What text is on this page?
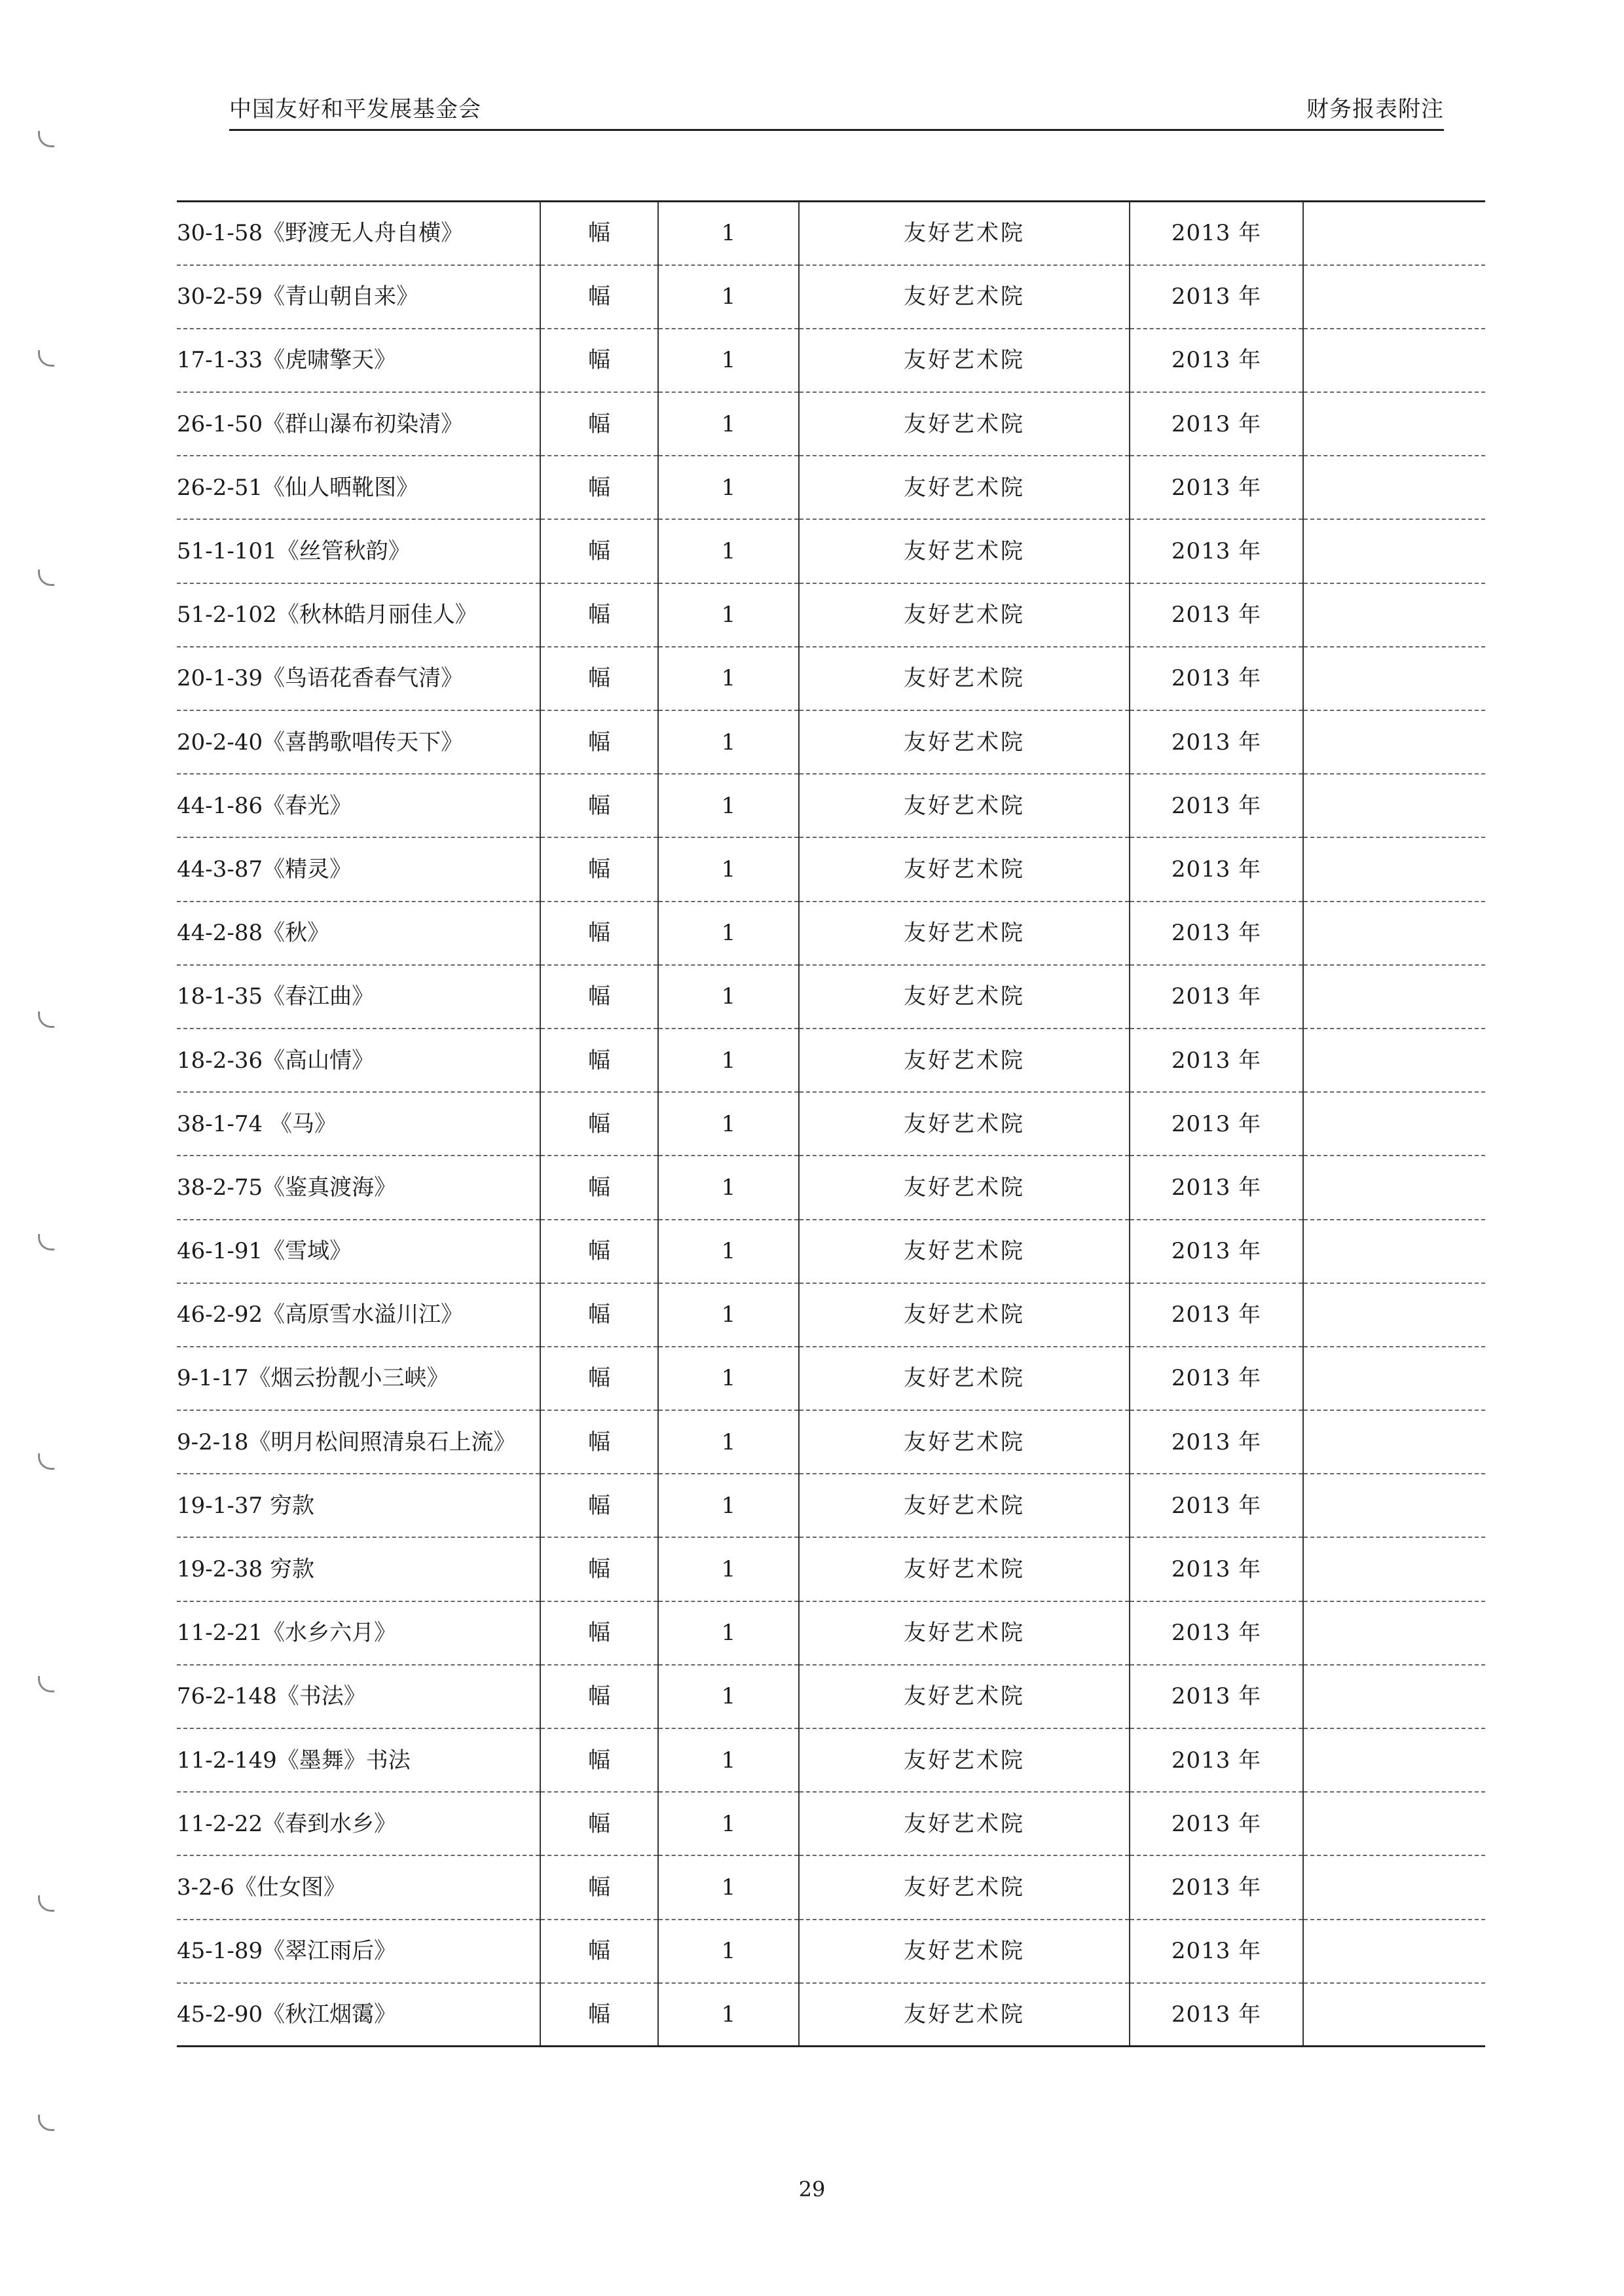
中国友好和平发展基金会	财务报表附注
30-1-58《野渡无人舟自横》	幅	1	友好艺术院	2013 年	
30-2-59《青山朝自来》	幅	1	友好艺术院	2013 年	
17-1-33《虎啸擎天》	幅	1	友好艺术院	2013 年	
26-1-50《群山瀑布初染清》	幅	1	友好艺术院	2013 年	
26-2-51《仙人晒靴图》	幅	1	友好艺术院	2013 年	
51-1-101《丝管秋韵》	幅	1	友好艺术院	2013 年	
51-2-102《秋林皓月丽佳人》	幅	1	友好艺术院	2013 年	
20-1-39《鸟语花香春气清》	幅	1	友好艺术院	2013 年	
20-2-40《喜鹊歌唱传天下》	幅	1	友好艺术院	2013 年	
44-1-86《春光》	幅	1	友好艺术院	2013 年	
44-3-87《精灵》	幅	1	友好艺术院	2013 年	
44-2-88《秋》	幅	1	友好艺术院	2013 年	
18-1-35《春江曲》	幅	1	友好艺术院	2013 年	
18-2-36《高山情》	幅	1	友好艺术院	2013 年	
38-1-74 《马》	幅	1	友好艺术院	2013 年	
38-2-75《鉴真渡海》	幅	1	友好艺术院	2013 年	
46-1-91《雪域》	幅	1	友好艺术院	2013 年	
46-2-92《高原雪水溢川江》	幅	1	友好艺术院	2013 年	
9-1-17《烟云扮靓小三峡》	幅	1	友好艺术院	2013 年	
9-2-18《明月松间照清泉石上流》	幅	1	友好艺术院	2013 年	
19-1-37 穷款	幅	1	友好艺术院	2013 年	
19-2-38 穷款	幅	1	友好艺术院	2013 年	
11-2-21《水乡六月》	幅	1	友好艺术院	2013 年	
76-2-148《书法》	幅	1	友好艺术院	2013 年	
11-2-149《墨舞》书法	幅	1	友好艺术院	2013 年	
11-2-22《春到水乡》	幅	1	友好艺术院	2013 年	
3-2-6《仕女图》	幅	1	友好艺术院	2013 年	
45-1-89《翠江雨后》	幅	1	友好艺术院	2013 年	
45-2-90《秋江烟霭》	幅	1	友好艺术院	2013 年	
29
